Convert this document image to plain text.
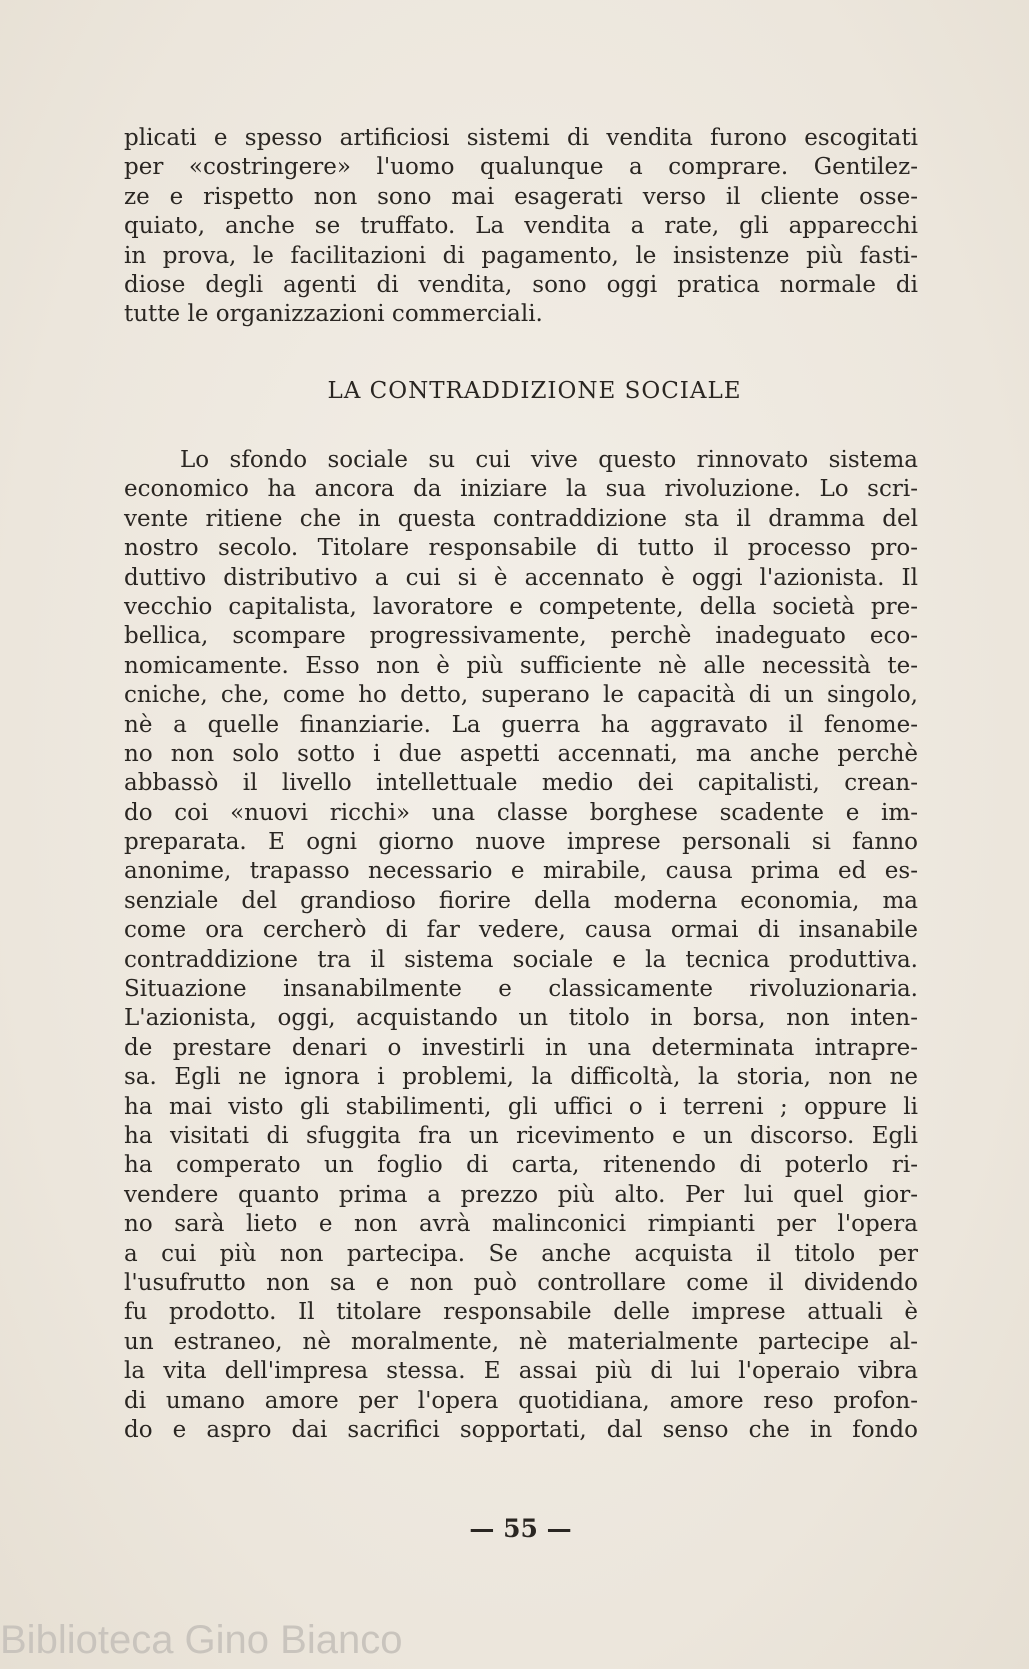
plicati e spesso artificiosi sistemi di vendita furono escogitati
per «costringere» l'uomo qualunque a comprare. Gentilez-
ze e rispetto non sono mai esagerati verso il cliente osse-
quiato, anche se truffato. La vendita a rate, gli apparecchi
in prova, le facilitazioni di pagamento, le insistenze più fasti-
diose degli agenti di vendita, sono oggi pratica normale di
tutte le organizzazioni commerciali.
LA CONTRADDIZIONE SOCIALE
Lo sfondo sociale su cui vive questo rinnovato sistema
economico ha ancora da iniziare la sua rivoluzione. Lo scri-
vente ritiene che in questa contraddizione sta il dramma del
nostro secolo. Titolare responsabile di tutto il processo pro-
duttivo distributivo a cui si è accennato è oggi l'azionista. Il
vecchio capitalista, lavoratore e competente, della società pre-
bellica, scompare progressivamente, perchè inadeguato eco-
nomicamente. Esso non è più sufficiente nè alle necessità te-
cniche, che, come ho detto, superano le capacità di un singolo,
nè a quelle finanziarie. La guerra ha aggravato il fenome-
no non solo sotto i due aspetti accennati, ma anche perchè
abbassò il livello intellettuale medio dei capitalisti, crean-
do coi «nuovi ricchi» una classe borghese scadente e im-
preparata. E ogni giorno nuove imprese personali si fanno
anonime, trapasso necessario e mirabile, causa prima ed es-
senziale del grandioso fiorire della moderna economia, ma
come ora cercherò di far vedere, causa ormai di insanabile
contraddizione tra il sistema sociale e la tecnica produttiva.
Situazione insanabilmente e classicamente rivoluzionaria.
L'azionista, oggi, acquistando un titolo in borsa, non inten-
de prestare denari o investirli in una determinata intrapre-
sa. Egli ne ignora i problemi, la difficoltà, la storia, non ne
ha mai visto gli stabilimenti, gli uffici o i terreni ; oppure li
ha visitati di sfuggita fra un ricevimento e un discorso. Egli
ha comperato un foglio di carta, ritenendo di poterlo ri-
vendere quanto prima a prezzo più alto. Per lui quel gior-
no sarà lieto e non avrà malinconici rimpianti per l'opera
a cui più non partecipa. Se anche acquista il titolo per
l'usufrutto non sa e non può controllare come il dividendo
fu prodotto. Il titolare responsabile delle imprese attuali è
un estraneo, nè moralmente, nè materialmente partecipe al-
la vita dell'impresa stessa. E assai più di lui l'operaio vibra
di umano amore per l'opera quotidiana, amore reso profon-
do e aspro dai sacrifici sopportati, dal senso che in fondo
— 55 —
Biblioteca Gino Bianco
